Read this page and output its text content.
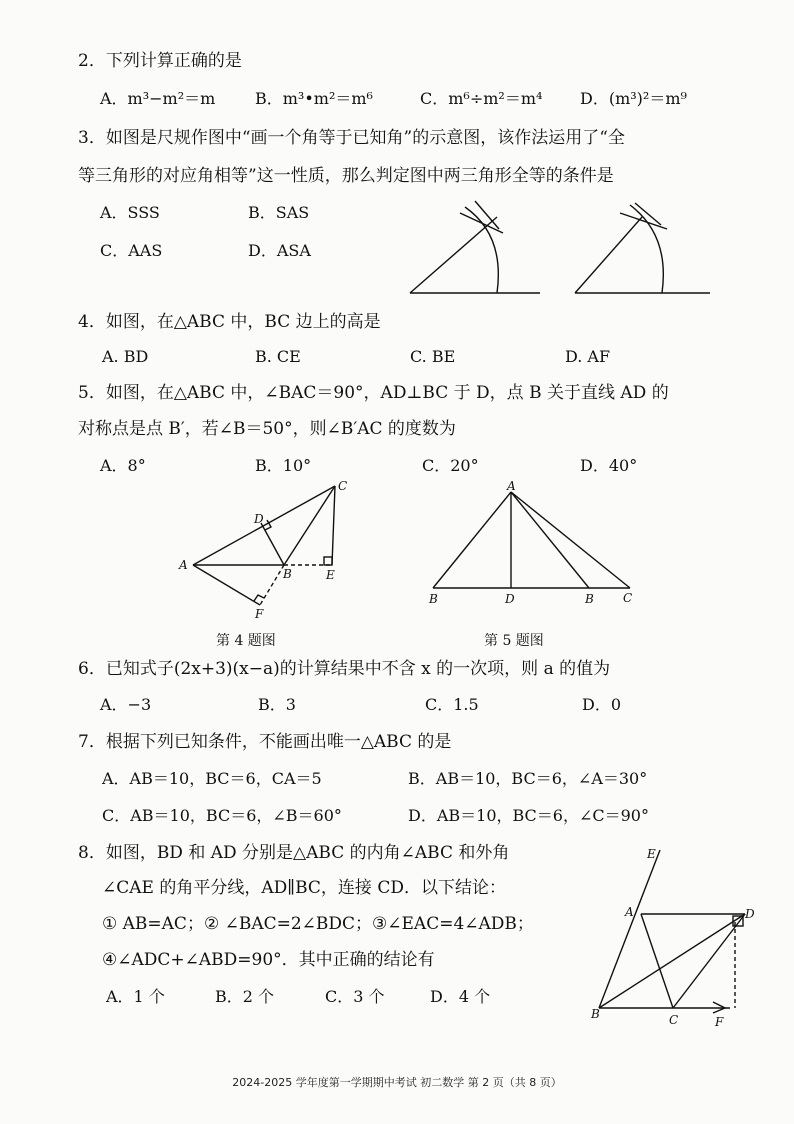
2．下列计算正确的是
A．m³−m²＝m B．m³•m²＝m⁶	C．m⁶÷m²＝m⁴ D．(m³)²＝m⁹
3．如图是尺规作图中“画一个角等于已知角”的示意图，该作法运用了“全
等三角形的对应角相等”这一性质，那么判定图中两三角形全等的条件是
A．SSS	B．SAS
C．AAS	D．ASA
4．如图，在△ABC 中，BC 边上的高是
A. BD	B. CE	C. BE	D. AF
5．如图，在△ABC 中，∠BAC＝90°，AD⊥BC 于 D，点 B 关于直线 AD 的
对称点是点 B′，若∠B＝50°，则∠B′AC 的度数为
A．8°	B．10°	C．20°	D．40°
C
D
A
B	E
F
第 4 题图
A
B	D	B C
第 5 题图
6．已知式子(2x+3)(x−a)的计算结果中不含 x 的一次项，则 a 的值为
A．−3	B．3	C．1.5	D．0
7．根据下列已知条件，不能画出唯一△ABC 的是
A．AB＝10，BC＝6，CA＝5	B．AB＝10，BC＝6，∠A＝30°
C．AB＝10，BC＝6，∠B＝60°	D．AB＝10，BC＝6，∠C＝90°
8．如图，BD 和 AD 分别是△ABC 的内角∠ABC 和外角
∠CAE 的角平分线，AD∥BC，连接 CD．以下结论：
① AB=AC；② ∠BAC=2∠BDC；③∠EAC=4∠ADB；
④∠ADC+∠ABD=90°．其中正确的结论有
A．1 个	B．2 个	C．3 个	D．4 个
E
A	D
B	C	F
2024-2025 学年度第一学期期中考试 初二数学 第 2 页（共 8 页）
